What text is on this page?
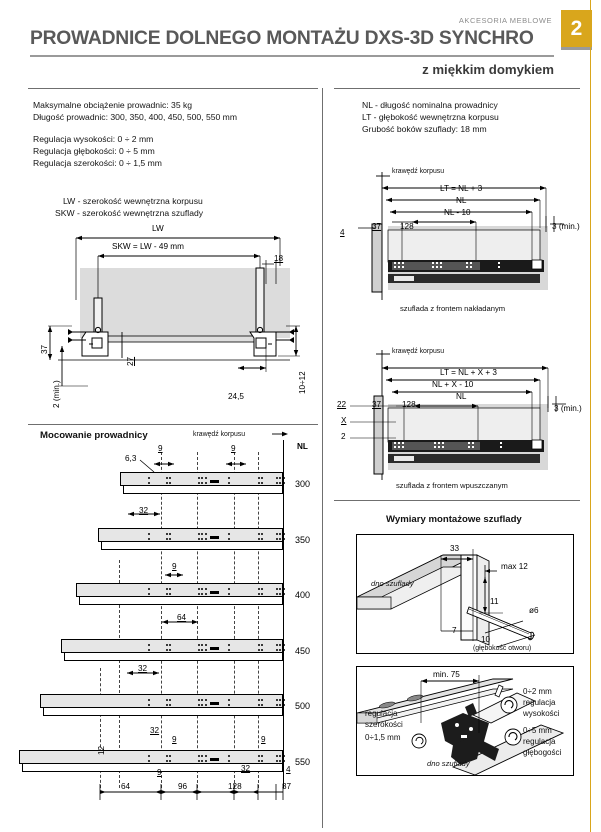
AKCESORIA MEBLOWE
PROWADNICE DOLNEGO MONTAŻU DXS-3D SYNCHRO
z miękkim domykiem
2
Maksymalne obciążenie prowadnic: 35 kg
Długość prowadnic: 300, 350, 400, 450, 500, 550 mm
Regulacja wysokości: 0 ÷ 2 mm
Regulacja głębokości: 0 ÷ 5 mm
Regulacja szerokości: 0 ÷ 1,5 mm
NL - długość nominalna prowadnicy
LT - głębokość wewnętrzna korpusu
Grubość boków szuflady: 18 mm
LW - szerokość wewnętrzna korpusu
SKW - szerokość wewnętrzna szuflady
LW
SKW = LW - 49 mm
18
37
27
2 (min.)	24,5
10÷12
krawędź korpusu
LT = NL + 3
NL
NL - 10
4
37 128	3 (min.)
szuflada z frontem nakładanym
krawędź korpusu
LT = NL + X + 3
NL + X - 10
NL
22
X
2
37	128	3 (min.)
szuflada z frontem wpuszczanym
Mocowanie prowadnicy	krawędź korpusu
NL
9	9
6,3
300
350
400
450
500
550
32
9
64
32
32
9	9
12
9	32	4
37
64	96	128
Wymiary montażowe szuflady
dno szuflady
33
max 12
11
ø6
7
10
(głębokość otworu)
min. 75
0÷2 mm
regulacja
wysokości
0÷5 mm
regulacja
głębogości
regulacja
szerokości
0÷1,5 mm
dno szuflady
